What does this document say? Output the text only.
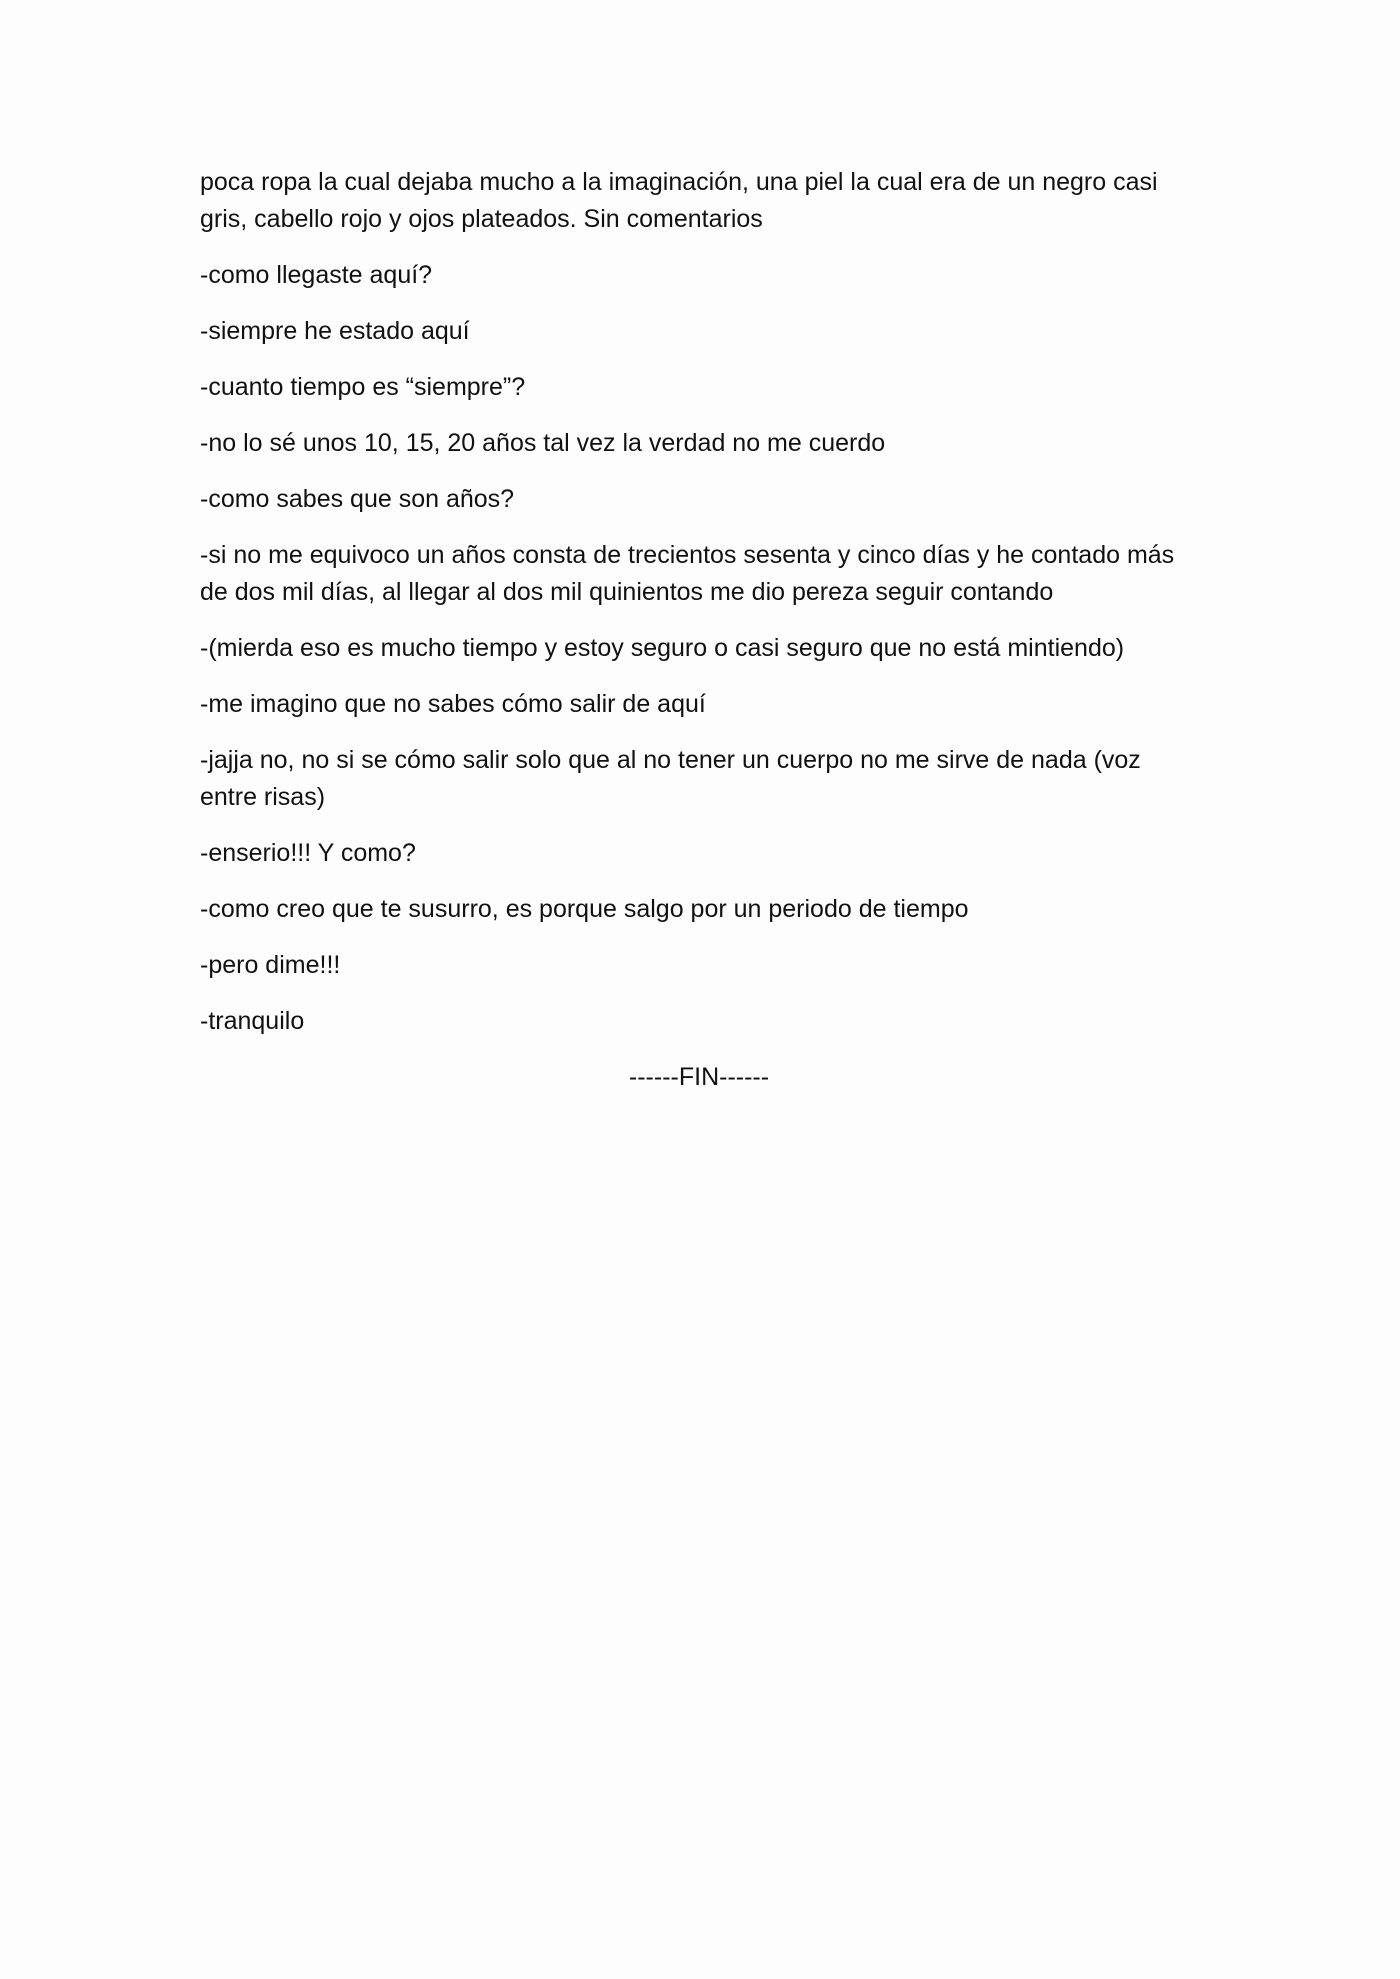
poca ropa la cual dejaba mucho a la imaginación, una piel la cual era de un negro casi gris, cabello rojo y ojos plateados. Sin comentarios

-como llegaste aquí?

-siempre he estado aquí

-cuanto tiempo es “siempre”?

-no lo sé unos 10, 15, 20 años tal vez la verdad no me cuerdo

-como sabes que son años?

-si no me equivoco un años consta de trecientos sesenta y cinco días y he contado más de dos mil días, al llegar al dos mil quinientos me dio pereza seguir contando

-(mierda eso es mucho tiempo y estoy seguro o casi seguro que no está mintiendo)

-me imagino que no sabes cómo salir de aquí

-jajja no, no si se cómo salir solo que al no tener un cuerpo no me sirve de nada (voz entre risas)

-enserio!!! Y como?

-como creo que te susurro, es porque salgo por un periodo de tiempo

-pero dime!!!

-tranquilo

------FIN------
